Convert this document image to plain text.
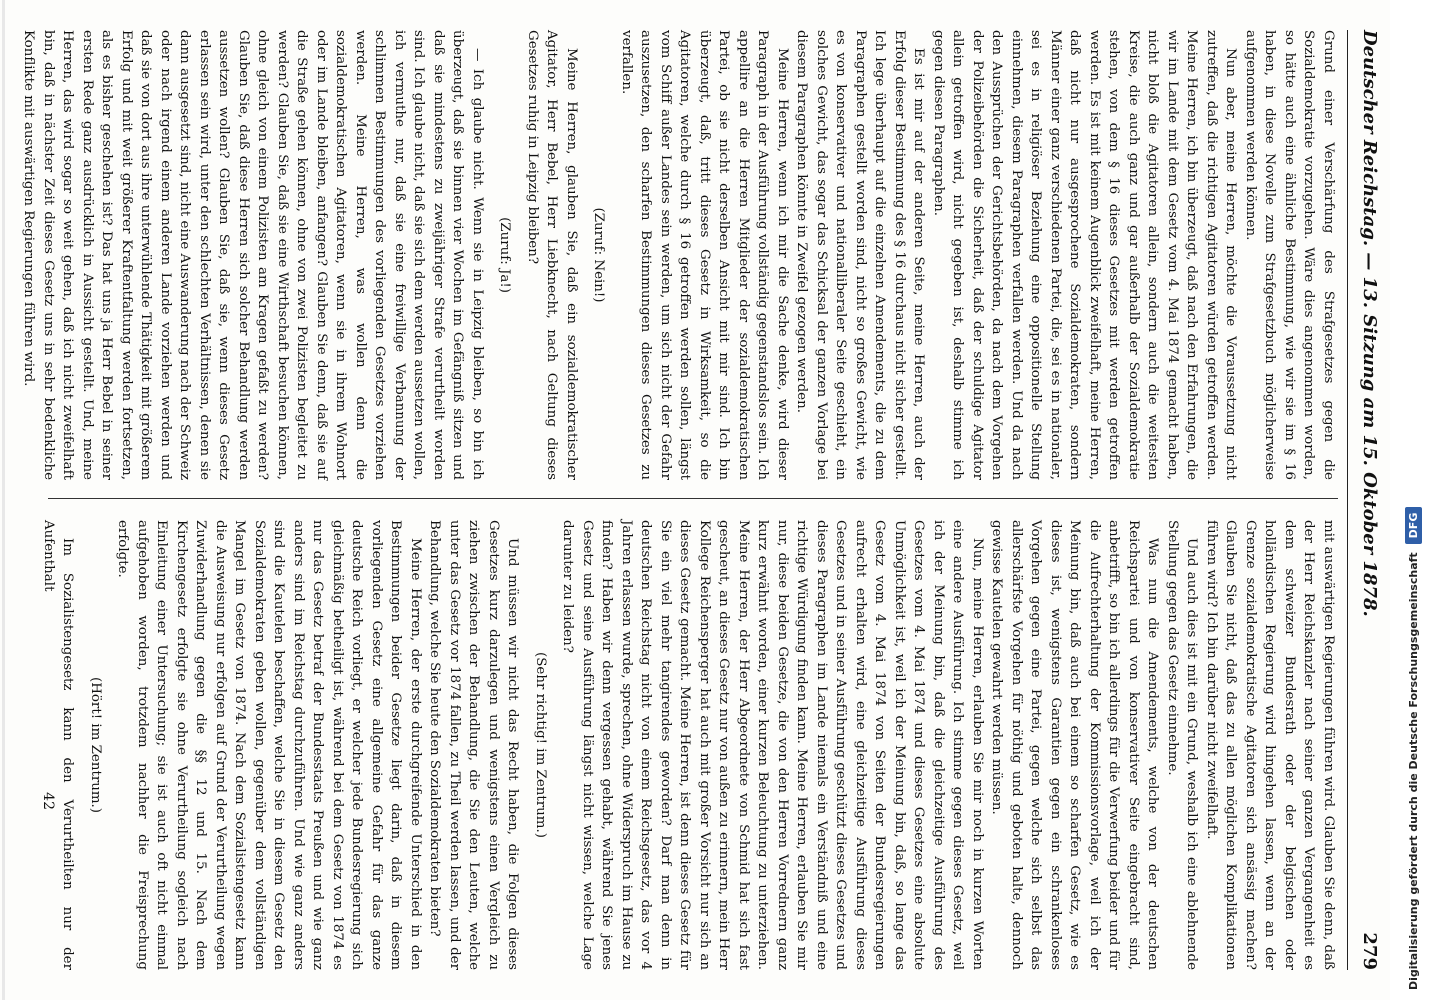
Deutscher Reichstag. — 13. Sitzung am 15. Oktober 1878.
279

Grund einer Verschärfung des Strafgesetzes gegen die Sozialdemokratie vorzugehen. Wäre dies angenommen worden, so hätte auch eine ähnliche Bestimmung, wie wir sie im § 16 haben, in diese Novelle zum Strafgesetzbuch möglicherweise aufgenommen werden können.

Nun aber, meine Herren, möchte die Voraussetzung nicht zutreffen, daß die richtigen Agitatoren würden getroffen werden. Meine Herren, ich bin überzeugt, daß nach den Erfahrungen, die wir im Lande mit dem Gesetz vom 4. Mai 1874 gemacht haben, nicht bloß die Agitatoren allein, sondern auch die weitesten Kreise, die auch ganz und gar außerhalb der Sozialdemokratie stehen, von dem § 16 dieses Gesetzes mit werden getroffen werden. Es ist mit keinem Augenblick zweifelhaft, meine Herren, daß nicht nur ausgesprochene Sozialdemokraten, sondern Männer einer ganz verschiedenen Partei, die, sei es in nationaler, sei es in religiöser Beziehung eine oppositionelle Stellung einnehmen, diesem Paragraphen verfallen werden. Und da nach den Aussprüchen der Gerichtsbehörden, da nach dem Vorgehen der Polizeibehörden die Sicherheit, daß der schuldige Agitator allein getroffen wird, nicht gegeben ist, deshalb stimme ich gegen diesen Paragraphen.

Es ist mir auf der anderen Seite, meine Herren, auch der Erfolg dieser Bestimmung des § 16 durchaus nicht sicher gestellt. Ich lege überhaupt auf die einzelnen Amendements, die zu dem Paragraphen gestellt worden sind, nicht so großes Gewicht, wie es von konservativer und nationalliberaler Seite geschieht, ein solches Gewicht, das sogar das Schicksal der ganzen Vorlage bei diesem Paragraphen könnte in Zweifel gezogen werden.

Meine Herren, wenn ich mir die Sache denke, wird dieser Paragraph in der Ausführung vollständig gegenstandslos sein. Ich appellire an die Herren Mitglieder der sozialdemokratischen Partei, ob sie nicht derselben Ansicht mit mir sind. Ich bin überzeugt, daß, tritt dieses Gesetz in Wirksamkeit, so die Agitatoren, welche durch § 16 getroffen werden sollen, längst vom Schiff außer Landes sein werden, um sich nicht der Gefahr auszusetzen, den scharfen Bestimmungen dieses Gesetzes zu verfallen.

(Zuruf: Nein!)

Meine Herren, glauben Sie, daß ein sozialdemokratischer Agitator, Herr Bebel, Herr Liebknecht, nach Geltung dieses Gesetzes ruhig in Leipzig bleiben?

(Zuruf: Ja!)

— Ich glaube nicht. Wenn sie in Leipzig bleiben, so bin ich überzeugt, daß sie binnen vier Wochen im Gefängniß sitzen und daß sie mindestens zu zweijähriger Strafe verurtheilt worden sind. Ich glaube nicht, daß sie sich dem werden aussetzen wollen, ich vermuthe nur, daß sie eine freiwillige Verbannung der schlimmen Bestimmungen des vorliegenden Gesetzes vorziehen werden. Meine Herren, was wollen denn die sozialdemokratischen Agitatoren, wenn sie in ihrem Wohnort oder im Lande bleiben, anfangen? Glauben Sie denn, daß sie auf die Straße gehen können, ohne von zwei Polizisten begleitet zu werden? Glauben Sie, daß sie eine Wirthschaft besuchen können, ohne gleich von einem Polizisten am Kragen gefaßt zu werden? Glauben Sie, daß diese Herren sich solcher Behandlung werden aussetzen wollen? Glauben Sie, daß sie, wenn dieses Gesetz erlassen sein wird, unter den schlechten Verhältnissen, denen sie dann ausgesetzt sind, nicht eine Auswanderung nach der Schweiz oder nach irgend einem anderen Lande vorziehen werden und daß sie von dort aus ihre unterwühlende Thätigkeit mit größerem Erfolg und mit weit größerer Kraftentfaltung werden fortsetzen, als es bisher geschehen ist? Das hat uns ja Herr Bebel in seiner ersten Rede ganz ausdrücklich in Aussicht gestellt. Und, meine Herren, das wird sogar so weit gehen, daß ich nicht zweifelhaft bin, daß in nächster Zeit dieses Gesetz uns in sehr bedenkliche Konflikte mit auswärtigen Regierungen führen wird.

mit auswärtigen Regierungen führen wird. Glauben Sie denn, daß der Herr Reichskanzler nach seiner ganzen Vergangenheit es dem schweizer Bundesrath oder der belgischen oder holländischen Regierung wird hingehen lassen, wenn an der Grenze sozialdemokratische Agitatoren sich ansässig machen? Glauben Sie nicht, daß das zu allen möglichen Komplikationen führen wird? Ich bin darüber nicht zweifelhaft.

Und auch dies ist mit ein Grund, weshalb ich eine ablehnende Stellung gegen das Gesetz einnehme.

Was nun die Amendements, welche von der deutschen Reichspartei und von konservativer Seite eingebracht sind, anbetrifft, so bin ich allerdings für die Verwerfung beider und für die Aufrechterhaltung der Kommissionsvorlage, weil ich der Meinung bin, daß auch bei einem so scharfen Gesetz, wie es dieses ist, wenigstens Garantien gegen ein schrankenloses Vorgehen gegen eine Partei, gegen welche sich selbst das allerschärfste Vorgehen für nöthig und geboten halte, dennoch gewisse Kautelen gewahrt werden müssen.

Nun, meine Herren, erlauben Sie mir noch in kurzen Worten eine andere Ausführung. Ich stimme gegen dieses Gesetz, weil ich der Meinung bin, daß die gleichzeitige Ausführung des Gesetzes vom 4. Mai 1874 und dieses Gesetzes eine absolute Unmöglichkeit ist, weil ich der Meinung bin, daß, so lange das Gesetz vom 4. Mai 1874 von Seiten der Bundesregierungen aufrecht erhalten wird, eine gleichzeitige Ausführung dieses Gesetzes und in seiner Ausführung geschützt dieses Gesetzes und dieses Paragraphen im Lande niemals ein Verständniß und eine richtige Würdigung finden kann. Meine Herren, erlauben Sie mir nur, diese beiden Gesetze, die von den Herren Vorrednern ganz kurz erwähnt worden, einer kurzen Beleuchtung zu unterziehen. Meine Herren, der Herr Abgeordnete von Schmid hat sich fast gescheut, an dieses Gesetz nur von außen zu erinnern, mein Herr Kollege Reichensperger hat auch mit großer Vorsicht nur sich an dieses Gesetz gemacht. Meine Herren, ist denn dieses Gesetz für Sie ein viel mehr tangirendes geworden? Darf man denn in deutschen Reichstag nicht von einem Reichsgesetz, das vor 4 Jahren erlassen wurde, sprechen, ohne Widerspruch im Hause zu finden? Haben wir denn vergessen gehabt, während Sie jenes Gesetz und seine Ausführung längst nicht wissen, welche Lage darunter zu leiden?

(Sehr richtig! im Zentrum.)

Und müssen wir nicht das Recht haben, die Folgen dieses Gesetzes kurz darzulegen und wenigstens einen Vergleich zu ziehen zwischen der Behandlung, die Sie den Leuten, welche unter das Gesetz vor 1874 fallen, zu Theil werden lassen, und der Behandlung, welche Sie heute den Sozialdemokraten bieten?

Meine Herren, der erste durchgreifende Unterschied in den Bestimmungen beider Gesetze liegt darin, daß in diesem vorliegenden Gesetz eine allgemeine Gefahr für das ganze deutsche Reich vorliegt, er welcher jede Bundesregierung sich gleichmäßig betheiligt ist, während bei dem Gesetz von 1874 es nur das Gesetz betraf der Bundesstaats Preußen und wie ganz anders sind im Reichstag durchzuführen. Und wie ganz anders sind die Kautelen beschaffen, welche Sie in diesem Gesetz den Sozialdemokraten geben wollen, gegenüber dem vollständigen Mangel im Gesetz von 1874. Nach dem Sozialistengesetz kann die Ausweisung nur erfolgen auf Grund der Verurtheilung wegen Zuwiderhandlung gegen die §§ 12 und 15. Nach dem Kirchengesetz erfolgte sie ohne Verurtheilung sogleich nach Einleitung einer Untersuchung; sie ist auch oft nicht einmal aufgehoben worden, trotzdem nachher die Freisprechung erfolgte.

(Hört! im Zentrum.)

Im Sozialistengesetz kann den Verurtheilten nur der Aufenthalt

42	Digitalisierung gefördert durch die Deutsche Forschungsgemeinschaft
DFG
